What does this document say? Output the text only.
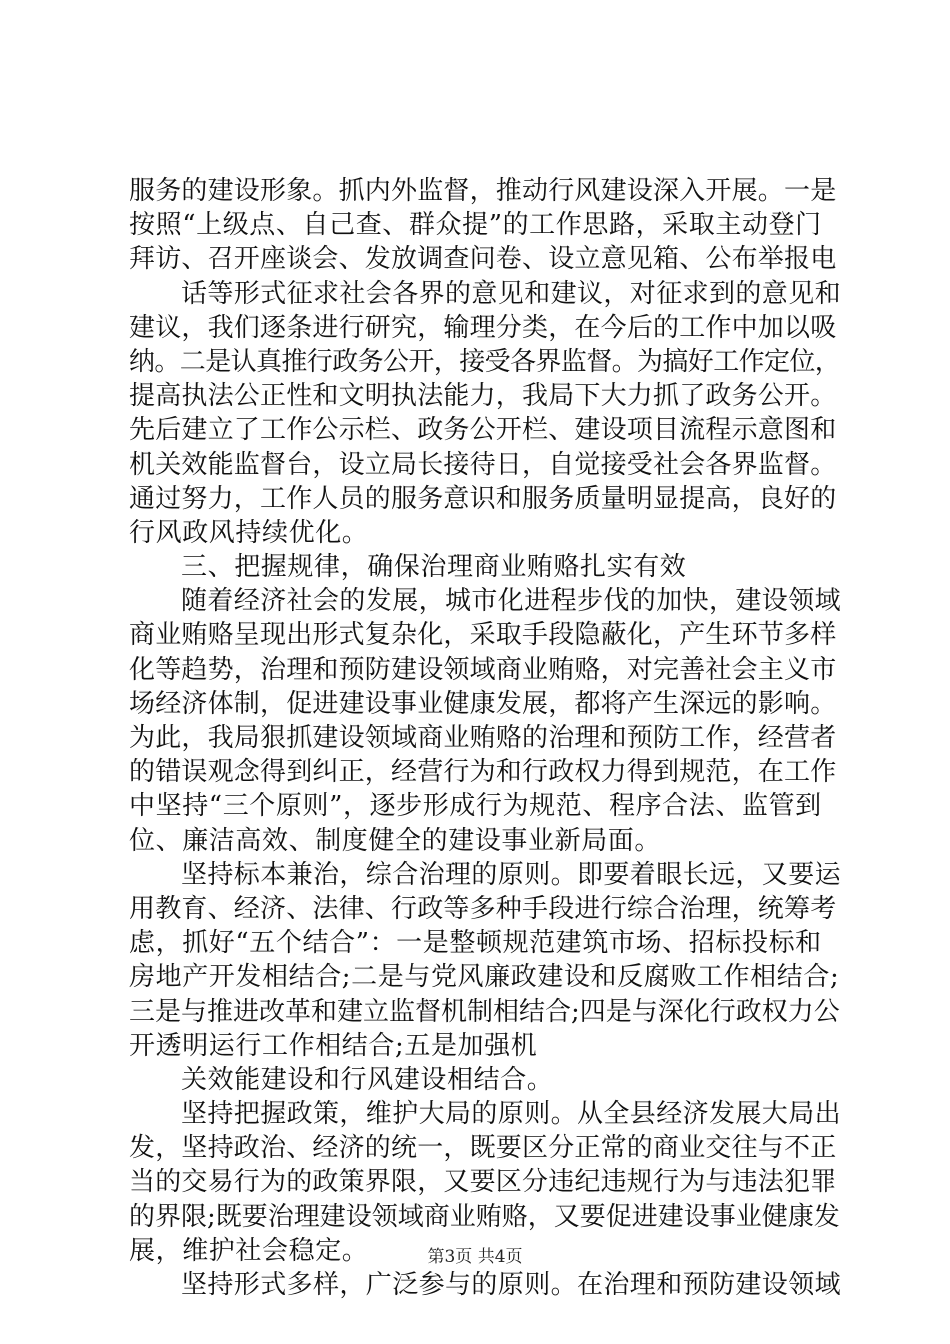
服务的建设形象。抓内外监督，推动行风建设深入开展。一是
按照“上级点、自己查、群众提”的工作思路，采取主动登门
拜访、召开座谈会、发放调查问卷、设立意见箱、公布举报电
话等形式征求社会各界的意见和建议，对征求到的意见和
建议，我们逐条进行研究，输理分类，在今后的工作中加以吸
纳。二是认真推行政务公开，接受各界监督。为搞好工作定位，
提高执法公正性和文明执法能力，我局下大力抓了政务公开。
先后建立了工作公示栏、政务公开栏、建设项目流程示意图和
机关效能监督台，设立局长接待日，自觉接受社会各界监督。
通过努力，工作人员的服务意识和服务质量明显提高，良好的
行风政风持续优化。
三、把握规律，确保治理商业贿赂扎实有效
随着经济社会的发展，城市化进程步伐的加快，建设领域
商业贿赂呈现出形式复杂化，采取手段隐蔽化，产生环节多样
化等趋势，治理和预防建设领域商业贿赂，对完善社会主义市
场经济体制，促进建设事业健康发展，都将产生深远的影响。
为此，我局狠抓建设领域商业贿赂的治理和预防工作，经营者
的错误观念得到纠正，经营行为和行政权力得到规范，在工作
中坚持“三个原则”，逐步形成行为规范、程序合法、监管到
位、廉洁高效、制度健全的建设事业新局面。
坚持标本兼治，综合治理的原则。即要着眼长远，又要运
用教育、经济、法律、行政等多种手段进行综合治理，统筹考
虑，抓好“五个结合”：一是整顿规范建筑市场、招标投标和
房地产开发相结合;二是与党风廉政建设和反腐败工作相结合;
三是与推进改革和建立监督机制相结合;四是与深化行政权力公
开透明运行工作相结合;五是加强机
关效能建设和行风建设相结合。
坚持把握政策，维护大局的原则。从全县经济发展大局出
发，坚持政治、经济的统一，既要区分正常的商业交往与不正
当的交易行为的政策界限，又要区分违纪违规行为与违法犯罪
的界限;既要治理建设领域商业贿赂，又要促进建设事业健康发
展，维护社会稳定。
坚持形式多样，广泛参与的原则。在治理和预防建设领域
第3页 共4页
